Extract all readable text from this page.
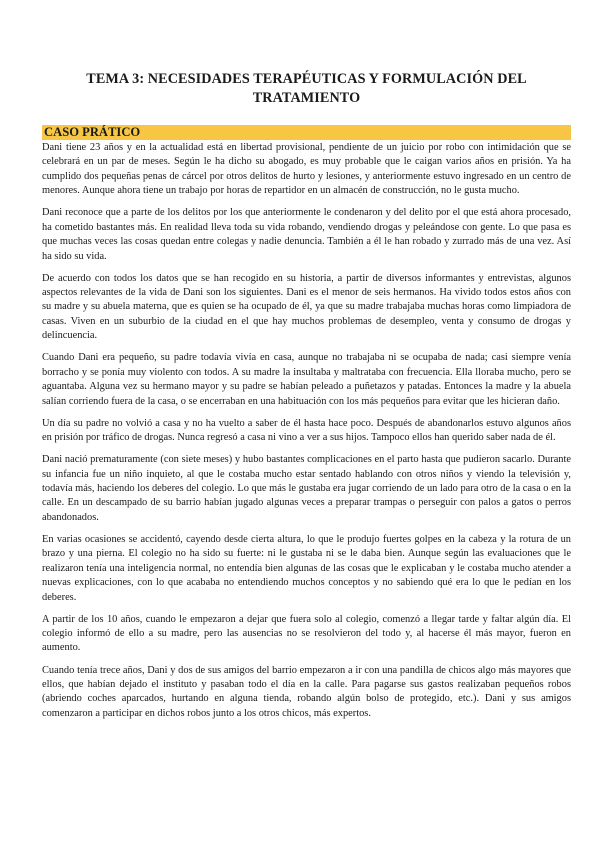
TEMA 3: NECESIDADES TERAPÉUTICAS Y FORMULACIÓN DEL TRATAMIENTO
CASO PRÁTICO

Dani tiene 23 años y en la actualidad está en libertad provisional, pendiente de un juicio por robo con intimidación que se celebrará en un par de meses. Según le ha dicho su abogado, es muy probable que le caigan varios años en prisión. Ya ha cumplido dos pequeñas penas de cárcel por otros delitos de hurto y lesiones, y anteriormente estuvo ingresado en un centro de menores. Aunque ahora tiene un trabajo por horas de repartidor en un almacén de construcción, no le gusta mucho.

Dani reconoce que a parte de los delitos por los que anteriormente le condenaron y del delito por el que está ahora procesado, ha cometido bastantes más. En realidad lleva toda su vida robando, vendiendo drogas y peleándose con gente. Lo que pasa es que muchas veces las cosas quedan entre colegas y nadie denuncia. También a él le han robado y zurrado más de una vez. Así ha sido su vida.

De acuerdo con todos los datos que se han recogido en su historia, a partir de diversos informantes y entrevistas, algunos aspectos relevantes de la vida de Dani son los siguientes. Dani es el menor de seis hermanos. Ha vivido todos estos años con su madre y su abuela materna, que es quien se ha ocupado de él, ya que su madre trabajaba muchas horas como limpiadora de casas. Viven en un suburbio de la ciudad en el que hay muchos problemas de desempleo, venta y consumo de drogas y delincuencia.

Cuando Dani era pequeño, su padre todavía vivía en casa, aunque no trabajaba ni se ocupaba de nada; casi siempre venía borracho y se ponía muy violento con todos. A su madre la insultaba y maltrataba con frecuencia. Ella lloraba mucho, pero se aguantaba. Alguna vez su hermano mayor y su padre se habían peleado a puñetazos y patadas. Entonces la madre y la abuela salían corriendo fuera de la casa, o se encerraban en una habituación con los más pequeños para evitar que les hicieran daño.

Un día su padre no volvió a casa y no ha vuelto a saber de él hasta hace poco. Después de abandonarlos estuvo algunos años en prisión por tráfico de drogas. Nunca regresó a casa ni vino a ver a sus hijos. Tampoco ellos han querido saber nada de él.

Dani nació prematuramente (con siete meses) y hubo bastantes complicaciones en el parto hasta que pudieron sacarlo. Durante su infancia fue un niño inquieto, al que le costaba mucho estar sentado hablando con otros niños y viendo la televisión y, todavía más, haciendo los deberes del colegio. Lo que más le gustaba era jugar corriendo de un lado para otro de la casa o en la calle. En un descampado de su barrio habían jugado algunas veces a preparar trampas o perseguir con palos a gatos o perros abandonados.

En varias ocasiones se accidentó, cayendo desde cierta altura, lo que le produjo fuertes golpes en la cabeza y la rotura de un brazo y una pierna. El colegio no ha sido su fuerte: ni le gustaba ni se le daba bien. Aunque según las evaluaciones que le realizaron tenía una inteligencia normal, no entendía bien algunas de las cosas que le explicaban y le costaba mucho atender a nuevas explicaciones, con lo que acababa no entendiendo muchos conceptos y no sabiendo qué era lo que le pedían en los deberes.

A partir de los 10 años, cuando le empezaron a dejar que fuera solo al colegio, comenzó a llegar tarde y faltar algún día. El colegio informó de ello a su madre, pero las ausencias no se resolvieron del todo y, al hacerse él más mayor, fueron en aumento.

Cuando tenía trece años, Dani y dos de sus amigos del barrio empezaron a ir con una pandilla de chicos algo más mayores que ellos, que habían dejado el instituto y pasaban todo el día en la calle. Para pagarse sus gastos realizaban pequeños robos (abriendo coches aparcados, hurtando en alguna tienda, robando algún bolso de protegido, etc.). Dani y sus amigos comenzaron a participar en dichos robos junto a los otros chicos, más expertos.
